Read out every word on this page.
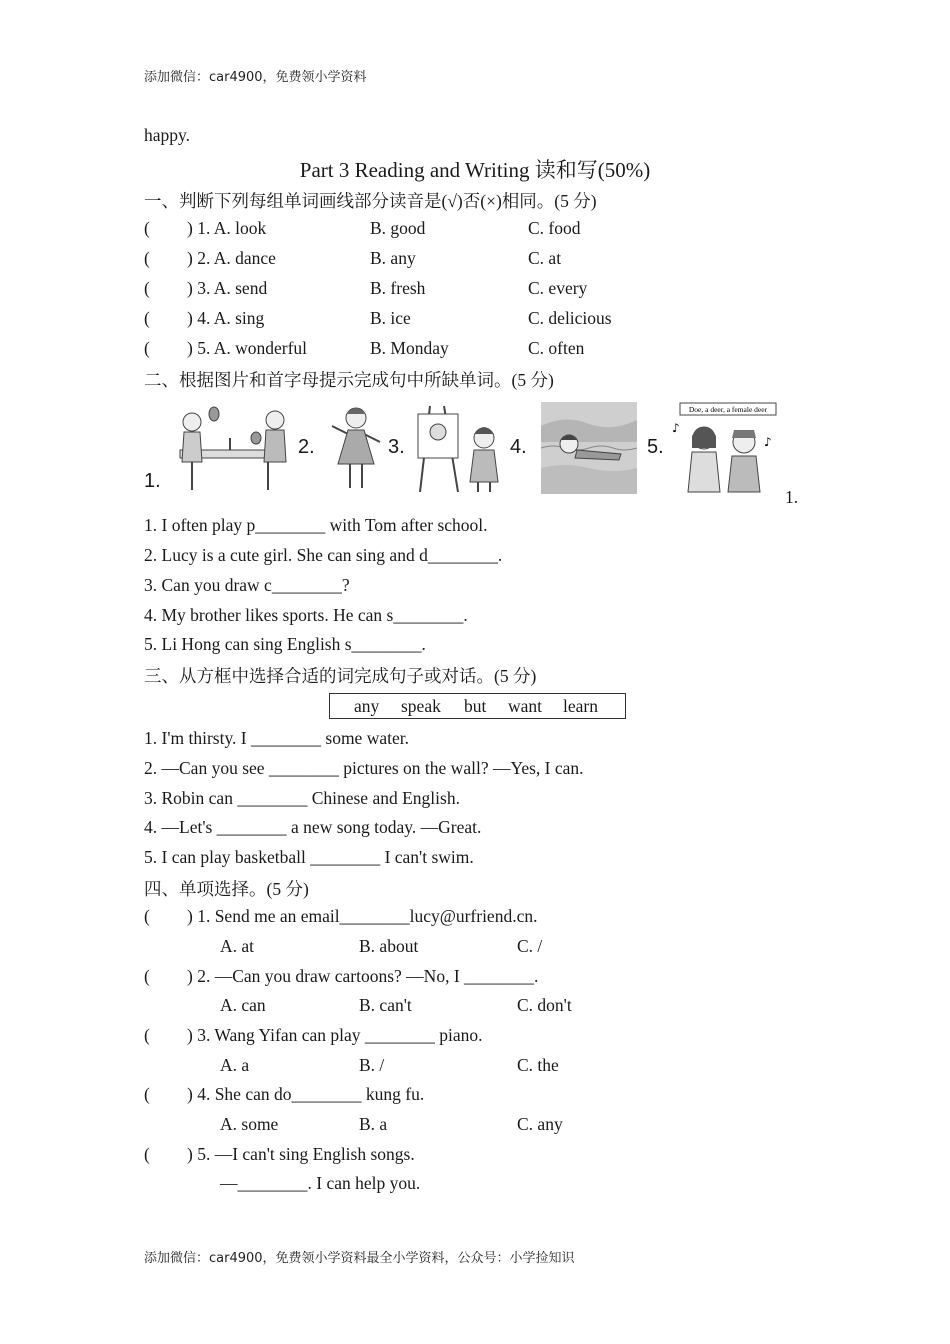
添加微信：car4900，免费领小学资料
happy.
Part 3 Reading and Writing 读和写(50%)
一、判断下列每组单词画线部分读音是(√)否(×)相同。(5 分)
( ) 1. A. look	B. good	C. food
( ) 2. A. dance	B. any	C. at
( ) 3. A. send	B. fresh	C. every
( ) 4. A. sing	B. ice	C. delicious
( ) 5. A. wonderful	B. Monday	C. often
二、根据图片和首字母提示完成句中所缺单词。(5 分)
1.
2.	3.	4.	5.
Doe, a deer, a female deer
♪
♪
1.
1. I often play p________ with Tom after school.
2. Lucy is a cute girl. She can sing and d________.
3. Can you draw c________?
4. My brother likes sports. He can s________.
5. Li Hong can sing English s________.
三、从方框中选择合适的词完成句子或对话。(5 分)
any speak but want learn
1. I'm thirsty. I ________ some water.
2. —Can you see ________ pictures on the wall? —Yes, I can.
3. Robin can ________ Chinese and English.
4. —Let's ________ a new song today. —Great.
5. I can play basketball ________ I can't swim.
四、单项选择。(5 分)
( ) 1. Send me an email________lucy@urfriend.cn.
A. at	B. about	C. /
( ) 2. —Can you draw cartoons? —No, I ________.
A. can	B. can't	C. don't
( ) 3. Wang Yifan can play ________ piano.
A. a	B. /	C. the
( ) 4. She can do________ kung fu.
A. some	B. a	C. any
( ) 5. —I can't sing English songs.
—________. I can help you.
添加微信：car4900，免费领小学资料最全小学资料，公众号：小学捡知识
